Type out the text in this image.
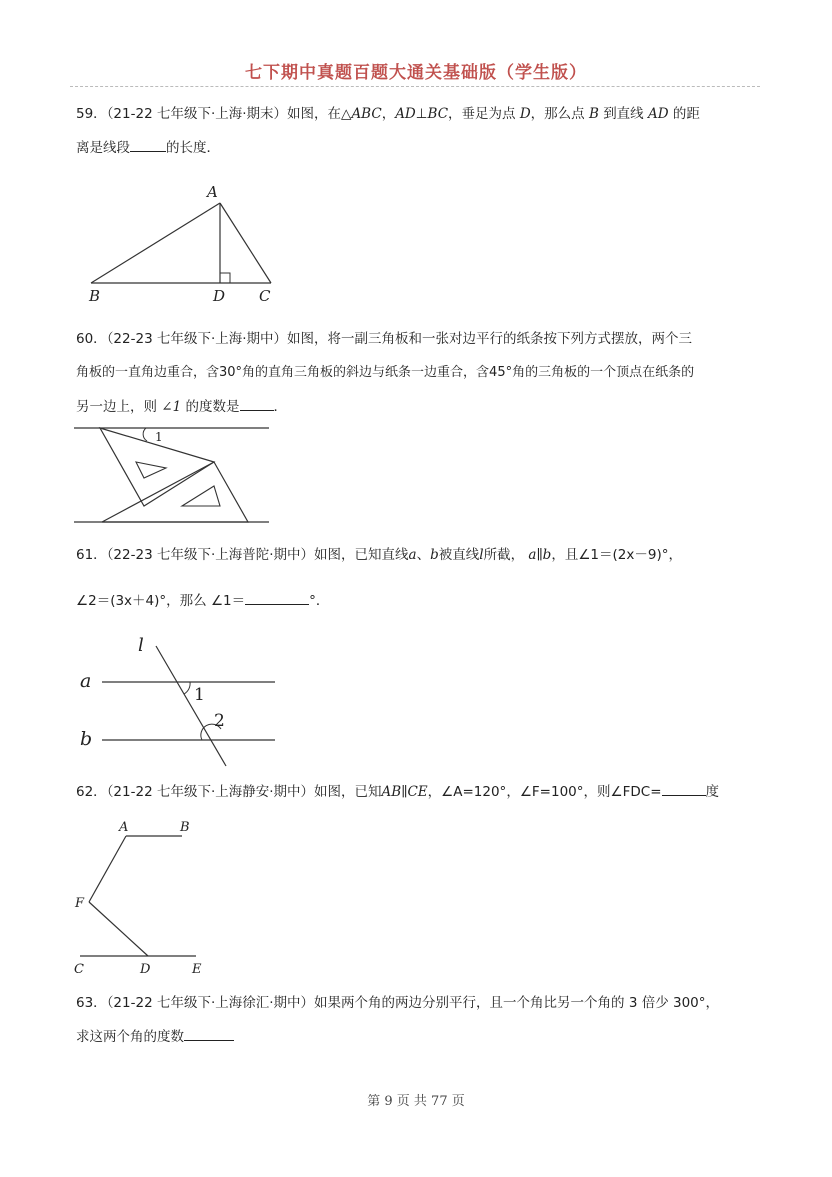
七下期中真题百题大通关基础版（学生版）
59．（21-22 七年级下·上海·期末）如图，在△ABC，AD⊥BC，垂足为点 D，那么点 B 到直线 AD 的距
离是线段	的长度．
A
B	D C
60．（22-23 七年级下·上海·期中）如图，将一副三角板和一张对边平行的纸条按下列方式摆放，两个三
角板的一直角边重合，含30°角的直角三角板的斜边与纸条一边重合，含45°角的三角板的一个顶点在纸条的
另一边上，则 ∠1 的度数是	．
1
61．（22-23 七年级下·上海普陀·期中）如图，已知直线a、b被直线l所截， a∥b，且∠1＝(2x－9)°，
∠2＝(3x＋4)°，那么 ∠1＝	°．
l
a
b
1
2
62．（21-22 七年级下·上海静安·期中）如图，已知AB∥CE，∠A=120°，∠F=100°，则∠FDC=	度
A	B
F
C	D	E
63．（21-22 七年级下·上海徐汇·期中）如果两个角的两边分别平行，且一个角比另一个角的 3 倍少 300°，
求这两个角的度数
第 9 页 共 77 页
